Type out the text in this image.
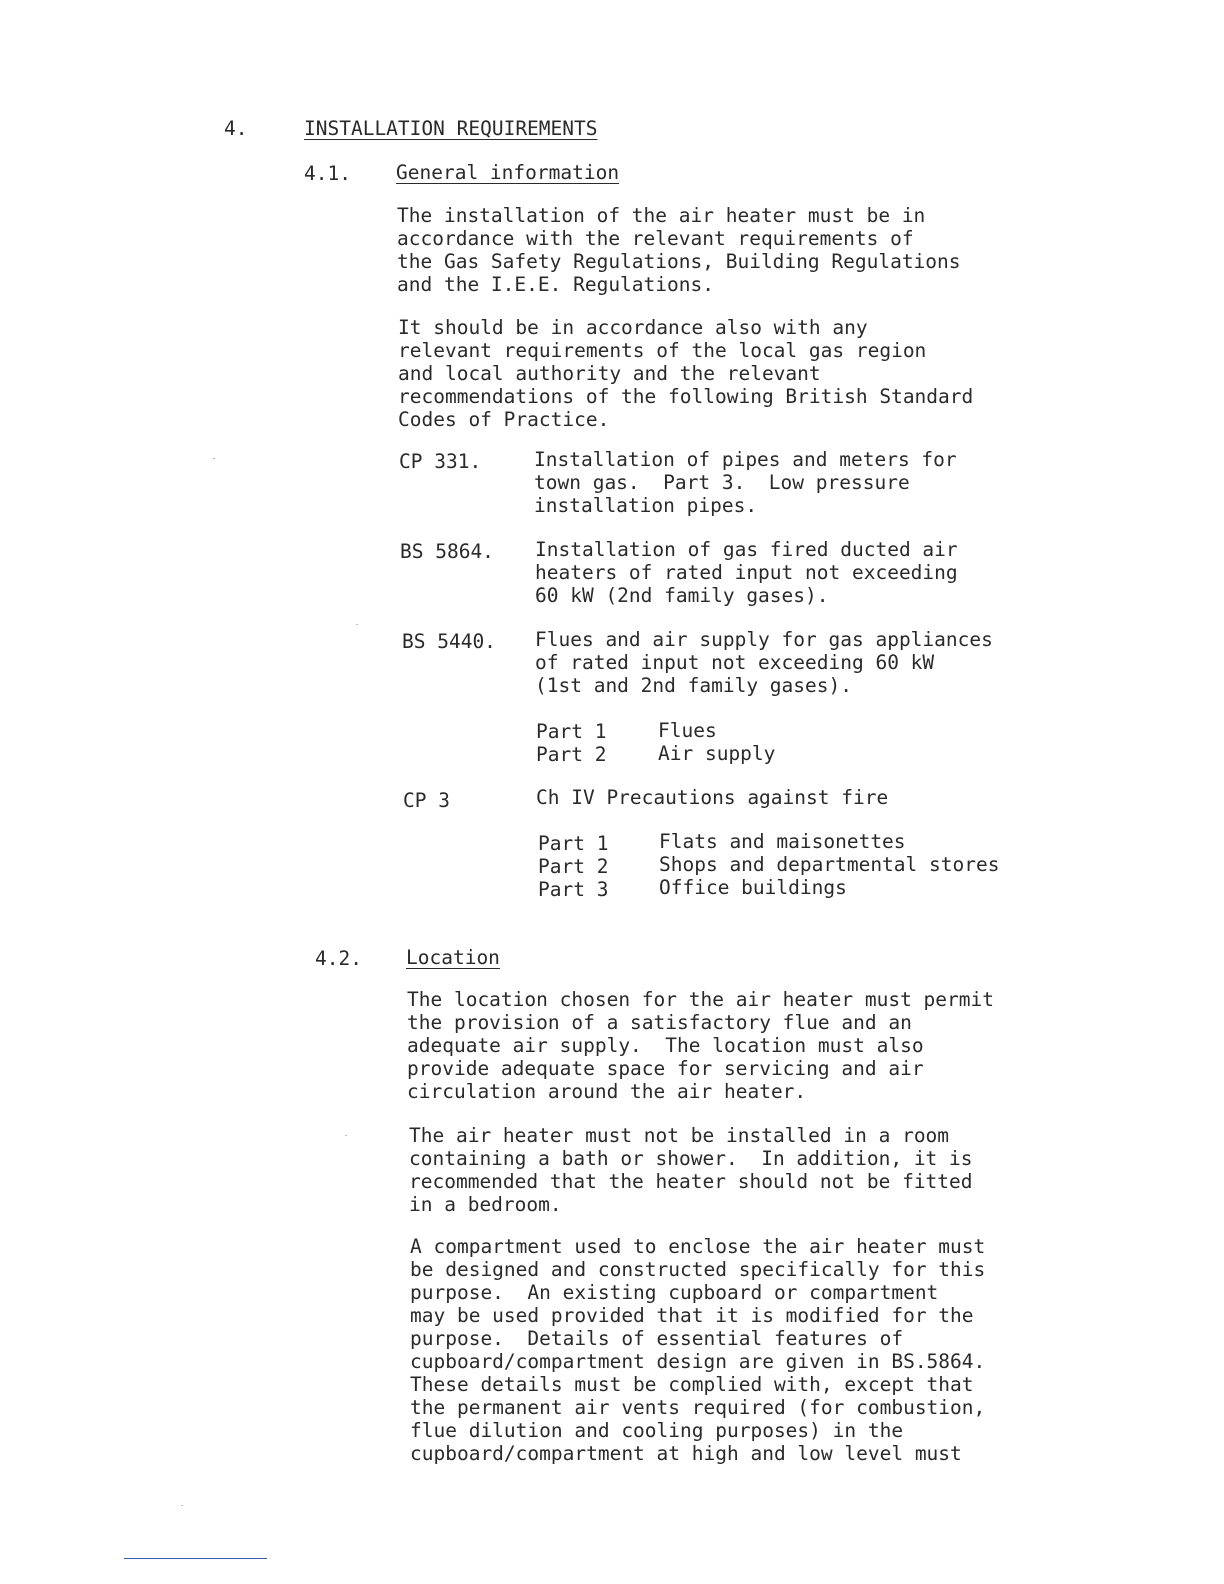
4.	INSTALLATION REQUIREMENTS
4.1. General information
The installation of the air heater must be in
accordance with the relevant requirements of
the Gas Safety Regulations, Building Regulations
and the I.E.E. Regulations.
It should be in accordance also with any
relevant requirements of the local gas region
and local authority and the relevant
recommendations of the following British Standard
Codes of Practice.
CP 331.	Installation of pipes and meters for
town gas.  Part 3.  Low pressure
installation pipes.
BS 5864. Installation of gas fired ducted air
heaters of rated input not exceeding
60 kW (2nd family gases).
BS 5440. Flues and air supply for gas appliances
of rated input not exceeding 60 kW
(1st and 2nd family gases).
Part 1	Flues
Part 2	Air supply
CP 3	Ch IV Precautions against fire
Part 1	Flats and maisonettes
Part 2	Shops and departmental stores
Part 3	Office buildings
4.2. Location
The location chosen for the air heater must permit
the provision of a satisfactory flue and an
adequate air supply.  The location must also
provide adequate space for servicing and air
circulation around the air heater.
The air heater must not be installed in a room
containing a bath or shower.  In addition, it is
recommended that the heater should not be fitted
in a bedroom.
A compartment used to enclose the air heater must
be designed and constructed specifically for this
purpose.  An existing cupboard or compartment
may be used provided that it is modified for the
purpose.  Details of essential features of
cupboard/compartment design are given in BS.5864.
These details must be complied with, except that
the permanent air vents required (for combustion,
flue dilution and cooling purposes) in the
cupboard/compartment at high and low level must
